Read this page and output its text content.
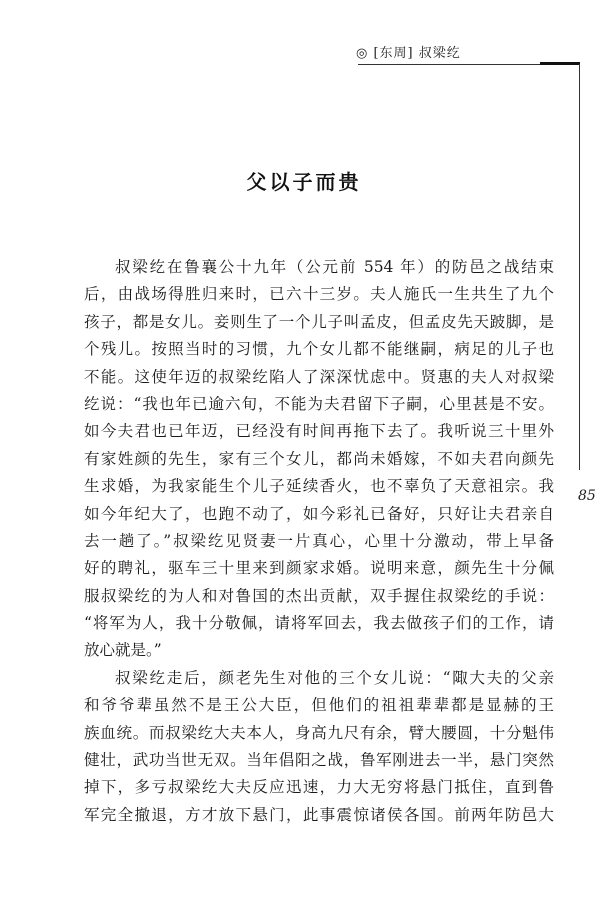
◎ [东周] 叔梁纥
85
父以子而贵
叔梁纥在鲁襄公十九年（公元前 554 年）的防邑之战结束
后，由战场得胜归来时，已六十三岁。夫人施氏一生共生了九个
孩子，都是女儿。妾则生了一个儿子叫孟皮，但孟皮先天跛脚，是
个残儿。按照当时的习惯，九个女儿都不能继嗣，病足的儿子也
不能。这使年迈的叔梁纥陷人了深深忧虑中。贤惠的夫人对叔梁
纥说：“我也年已逾六旬，不能为夫君留下子嗣，心里甚是不安。
如今夫君也已年迈，已经没有时间再拖下去了。我听说三十里外
有家姓颜的先生，家有三个女儿，都尚未婚嫁，不如夫君向颜先
生求婚，为我家能生个儿子延续香火，也不辜负了天意祖宗。我
如今年纪大了，也跑不动了，如今彩礼已备好，只好让夫君亲自
去一趟了。”叔梁纥见贤妻一片真心，心里十分激动，带上早备
好的聘礼，驱车三十里来到颜家求婚。说明来意，颜先生十分佩
服叔梁纥的为人和对鲁国的杰出贡献，双手握住叔梁纥的手说：
“将军为人，我十分敬佩，请将军回去，我去做孩子们的工作，请
放心就是。”
叔梁纥走后，颜老先生对他的三个女儿说：“陬大夫的父亲
和爷爷辈虽然不是王公大臣，但他们的祖祖辈辈都是显赫的王
族血统。而叔梁纥大夫本人，身高九尺有余，臂大腰圆，十分魁伟
健壮，武功当世无双。当年倡阳之战，鲁军刚进去一半，悬门突然
掉下，多亏叔梁纥大夫反应迅速，力大无穷将悬门抵住，直到鲁
军完全撤退，方才放下悬门，此事震惊诸侯各国。前两年防邑大
